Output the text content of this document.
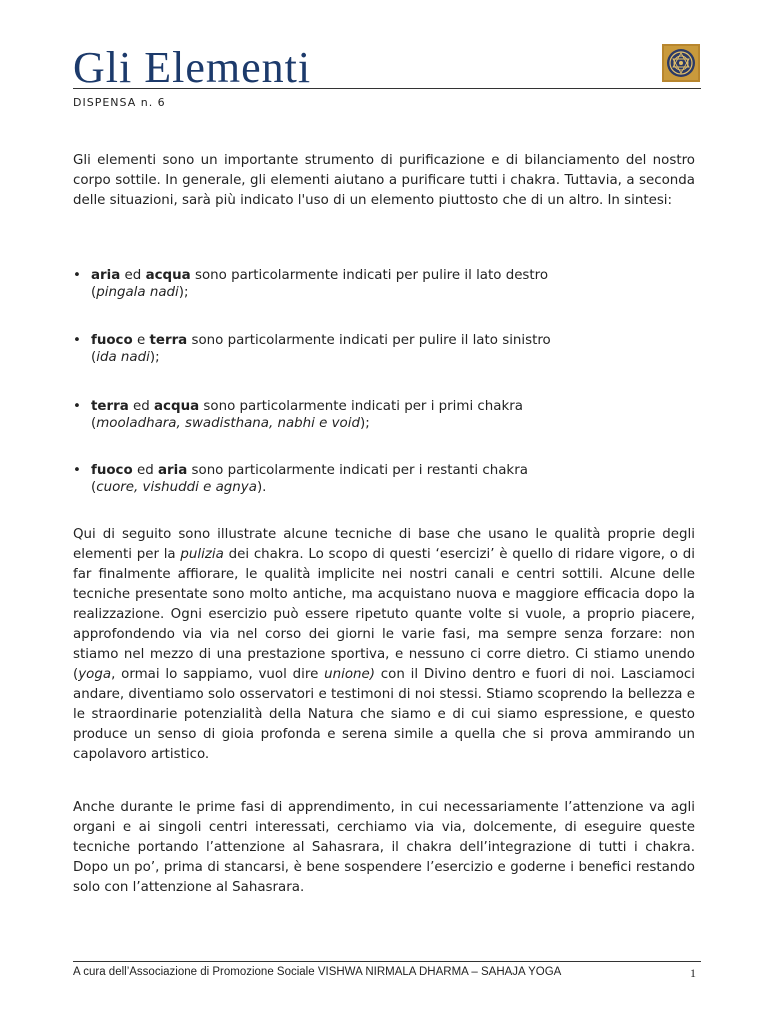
Gli Elementi
DISPENSA n. 6

Gli elementi sono un importante strumento di purificazione e di bilanciamento del nostro corpo sottile. In generale, gli elementi aiutano a purificare tutti i chakra. Tuttavia, a seconda delle situazioni, sarà più indicato l'uso di un elemento piuttosto che di un altro. In sintesi:

• aria ed acqua sono particolarmente indicati per pulire il lato destro
(pingala nadi);
• fuoco e terra sono particolarmente indicati per pulire il lato sinistro
(ida nadi);
• terra ed acqua sono particolarmente indicati per i primi chakra
(mooladhara, swadisthana, nabhi e void);
• fuoco ed aria sono particolarmente indicati per i restanti chakra
(cuore, vishuddi e agnya).

Qui di seguito sono illustrate alcune tecniche di base che usano le qualità proprie degli elementi per la pulizia dei chakra. Lo scopo di questi ‘esercizi’ è quello di ridare vigore, o di far finalmente affiorare, le qualità implicite nei nostri canali e centri sottili. Alcune delle tecniche presentate sono molto antiche, ma acquistano nuova e maggiore efficacia dopo la realizzazione. Ogni esercizio può essere ripetuto quante volte si vuole, a proprio piacere, approfondendo via via nel corso dei giorni le varie fasi, ma sempre senza forzare: non stiamo nel mezzo di una prestazione sportiva, e nessuno ci corre dietro. Ci stiamo unendo (yoga, ormai lo sappiamo, vuol dire unione) con il Divino dentro e fuori di noi. Lasciamoci andare, diventiamo solo osservatori e testimoni di noi stessi. Stiamo scoprendo la bellezza e le straordinarie potenzialità della Natura che siamo e di cui siamo espressione, e questo produce un senso di gioia profonda e serena simile a quella che si prova ammirando un capolavoro artistico.

Anche durante le prime fasi di apprendimento, in cui necessariamente l’attenzione va agli organi e ai singoli centri interessati, cerchiamo via via, dolcemente, di eseguire queste tecniche portando l’attenzione al Sahasrara, il chakra dell’integrazione di tutti i chakra. Dopo un po’, prima di stancarsi, è bene sospendere l’esercizio e goderne i benefici restando solo con l’attenzione al Sahasrara.

A cura dell’Associazione di Promozione Sociale VISHWA NIRMALA DHARMA – SAHAJA YOGA	1
